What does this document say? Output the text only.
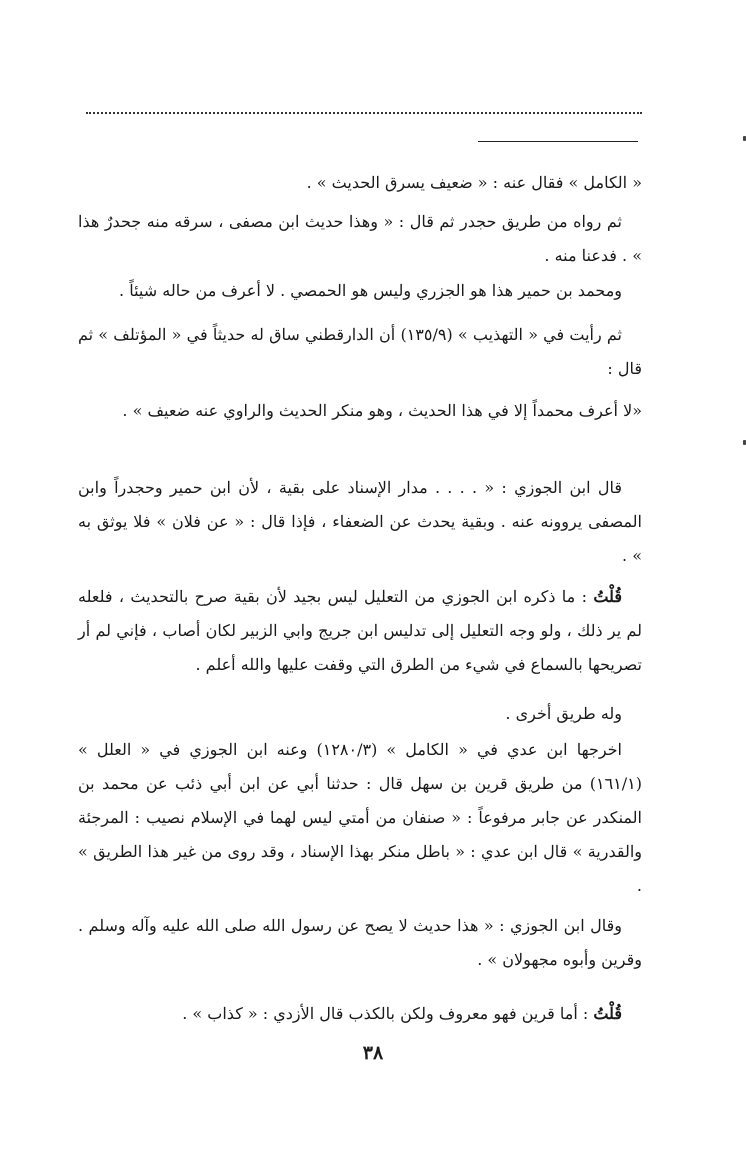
« الكامل » فقال عنه : « ضعيف يسرق الحديث » .

ثم رواه من طريق حجدر ثم قال : « وهذا حديث ابن مصفى ، سرقه منه جحدرٌ هذا » . فدعنا منه .

ومحمد بن حمير هذا هو الجزري وليس هو الحمصي . لا أعرف من حاله شيئاً .

ثم رأيت في « التهذيب » (١٣٥/٩) أن الدارقطني ساق له حديثاً في « المؤتلف » ثم قال :

«لا أعرف محمداً إلا في هذا الحديث ، وهو منكر الحديث والراوي عنه ضعيف » .

قال ابن الجوزي : « . . . . مدار الإسناد على بقية ، لأن ابن حمير وحجدراً وابن المصفى يروونه عنه . وبقية يحدث عن الضعفاء ، فإذا قال : « عن فلان » فلا يوثق به » .

قُلْتُ : ما ذكره ابن الجوزي من التعليل ليس بجيد لأن بقية صرح بالتحديث ، فلعله لم ير ذلك ، ولو وجه التعليل إلى تدليس ابن جريج وابي الزبير لكان أصاب ، فإني لم أر تصريحها بالسماع في شيء من الطرق التي وقفت عليها والله أعلم .

وله طريق أخرى .

اخرجها ابن عدي في « الكامل » (١٢٨٠/٣) وعنه ابن الجوزي في « العلل » (١٦١/١) من طريق قرين بن سهل قال : حدثنا أبي عن ابن أبي ذئب عن محمد بن المنكدر عن جابر مرفوعاً : « صنفان من أمتي ليس لهما في الإسلام نصيب : المرجئة والقدرية » قال ابن عدي : « باطل منكر بهذا الإسناد ، وقد روى من غير هذا الطريق » .

وقال ابن الجوزي : « هذا حديث لا يصح عن رسول الله صلى الله عليه وآله وسلم . وقرين وأبوه مجهولان » .

قُلْتُ : أما قرين فهو معروف ولكن بالكذب قال الأزدي : « كذاب » .

٣٨
